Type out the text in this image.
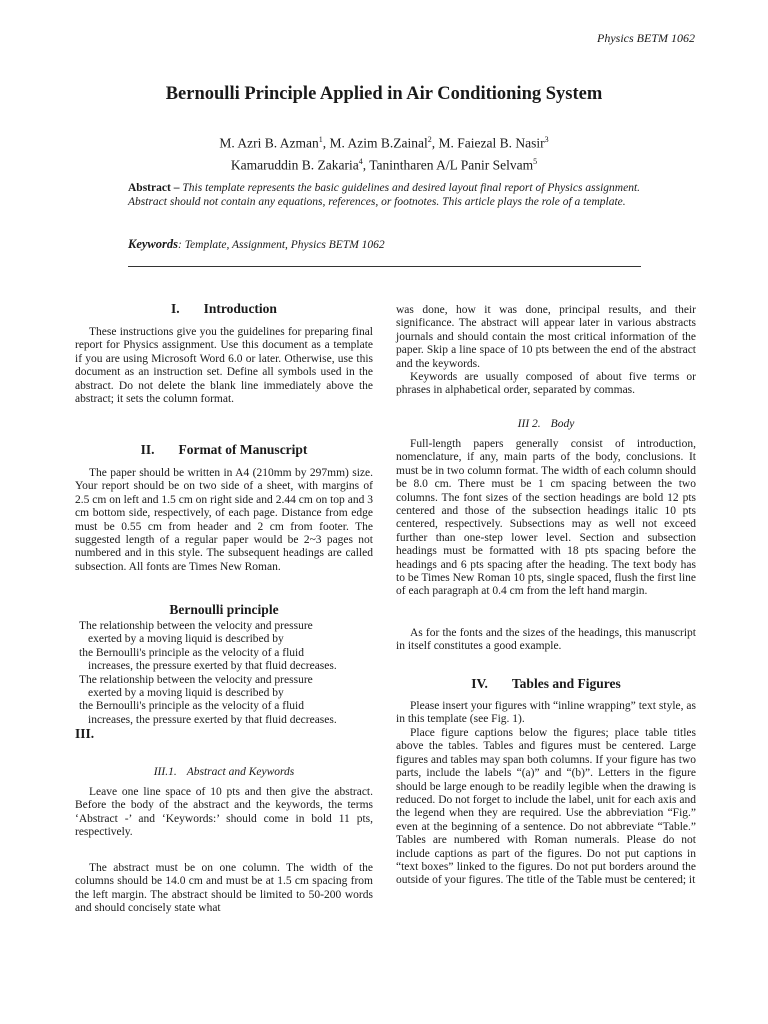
Physics BETM 1062
Bernoulli Principle Applied in Air Conditioning System
M. Azri B. Azman$^1$, M. Azim B.Zainal$^2$, M. Faiezal B. Nasir$^3$
Kamaruddin B. Zakaria$^4$, Tanintharen A/L Panir Selvam$^5$
Abstract – This template represents the basic guidelines and desired layout final report of Physics assignment. Abstract should not contain any equations, references, or footnotes. This article plays the role of a template.
Keywords: Template, Assignment, Physics BETM 1062
I. Introduction

These instructions give you the guidelines for preparing final report for Physics assignment. Use this document as a template if you are using Microsoft Word 6.0 or later. Otherwise, use this document as an instruction set. Define all symbols used in the abstract. Do not delete the blank line immediately above the abstract; it sets the column format.

II. Format of Manuscript

The paper should be written in A4 (210mm by 297mm) size. Your report should be on two side of a sheet, with margins of 2.5 cm on left and 1.5 cm on right side and 2.44 cm on top and 3 cm bottom side, respectively, of each page. Distance from edge must be 0.55 cm from header and 2 cm from footer. The suggested length of a regular paper would be 2~3 pages not numbered and in this style. The subsequent headings are called subsection. All fonts are Times New Roman.

Bernoulli principle
The relationship between the velocity and pressure
exerted by a moving liquid is described by
the Bernoulli's principle as the velocity of a fluid
increases, the pressure exerted by that fluid decreases.
The relationship between the velocity and pressure
exerted by a moving liquid is described by
the Bernoulli's principle as the velocity of a fluid
increases, the pressure exerted by that fluid decreases.
III.
III.1. Abstract and Keywords

Leave one line space of 10 pts and then give the abstract. Before the body of the abstract and the keywords, the terms ‘Abstract -’ and ‘Keywords:’ should come in bold 11 pts, respectively.

The abstract must be on one column. The width of the columns should be 14.0 cm and must be at 1.5 cm spacing from the left margin. The abstract should be limited to 50-200 words and should concisely state what

was done, how it was done, principal results, and their significance. The abstract will appear later in various abstracts journals and should contain the most critical information of the paper. Skip a line space of 10 pts between the end of the abstract and the keywords.

Keywords are usually composed of about five terms or phrases in alphabetical order, separated by commas.

III 2. Body

Full-length papers generally consist of introduction, nomenclature, if any, main parts of the body, conclusions. It must be in two column format. The width of each column should be 8.0 cm. There must be 1 cm spacing between the two columns. The font sizes of the section headings are bold 12 pts centered and those of the subsection headings italic 10 pts centered, respectively. Subsections may as well not exceed further than one-step lower level. Section and subsection headings must be formatted with 18 pts spacing before the headings and 6 pts spacing after the heading. The text body has to be Times New Roman 10 pts, single spaced, flush the first line of each paragraph at 0.4 cm from the left hand margin.

As for the fonts and the sizes of the headings, this manuscript in itself constitutes a good example.

IV. Tables and Figures

Please insert your figures with “inline wrapping” text style, as in this template (see Fig. 1).

Place figure captions below the figures; place table titles above the tables. Tables and figures must be centered. Large figures and tables may span both columns. If your figure has two parts, include the labels “(a)” and “(b)”. Letters in the figure should be large enough to be readily legible when the drawing is reduced. Do not forget to include the label, unit for each axis and the legend when they are required. Use the abbreviation “Fig.” even at the beginning of a sentence. Do not abbreviate “Table.” Tables are numbered with Roman numerals. Please do not include captions as part of the figures. Do not put captions in “text boxes” linked to the figures. Do not put borders around the outside of your figures. The title of the Table must be centered; it
